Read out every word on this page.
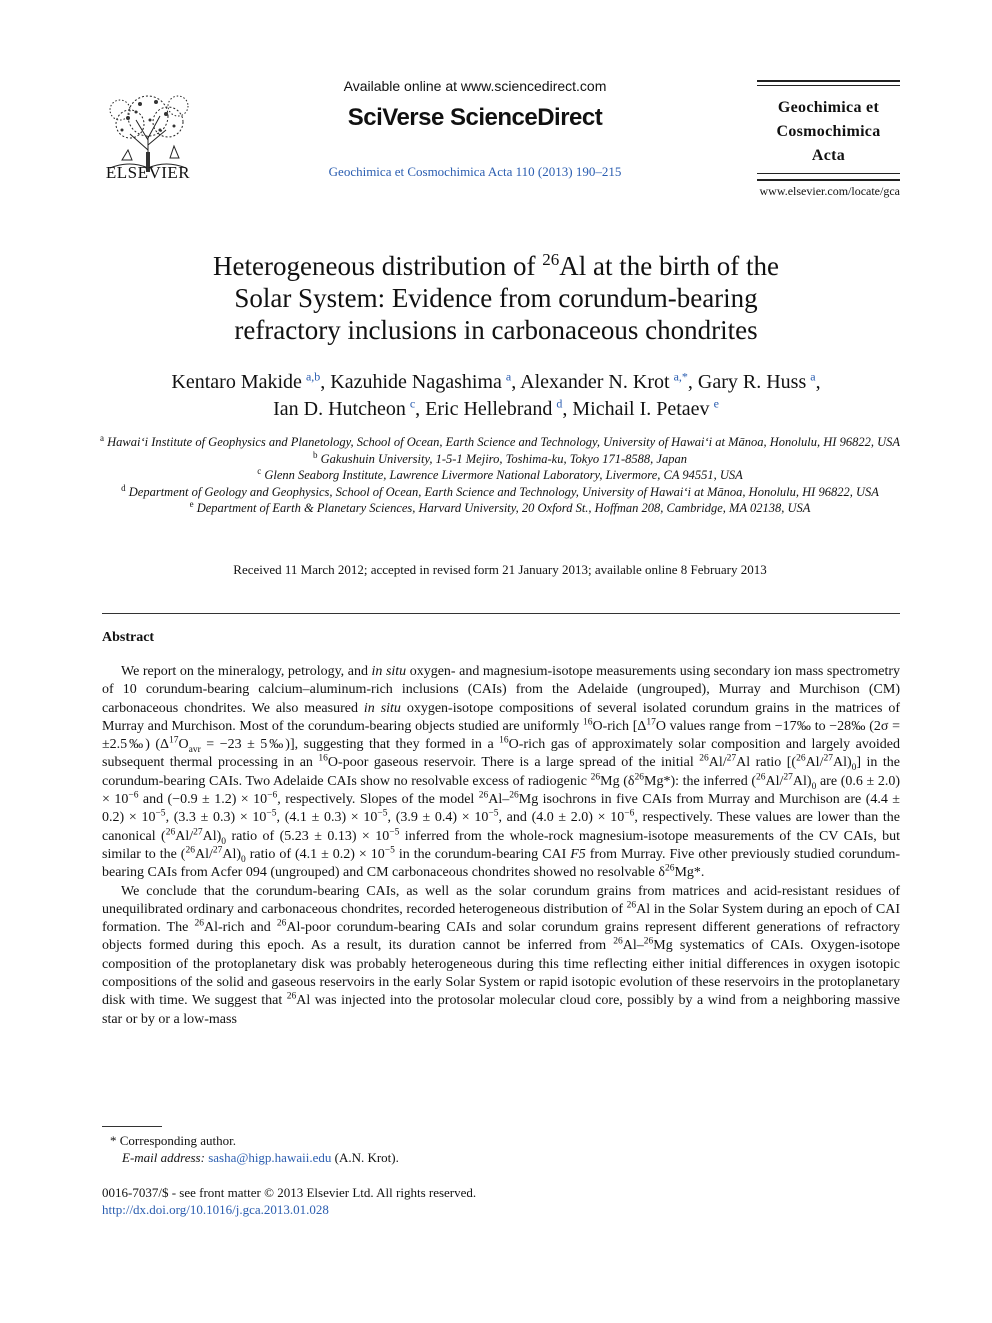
ELSEVIER
Available online at www.sciencedirect.com
SciVerse ScienceDirect
Geochimica et Cosmochimica Acta 110 (2013) 190–215
Geochimica et
Cosmochimica
Acta
www.elsevier.com/locate/gca
Heterogeneous distribution of $^{26}$Al at the birth of the
Solar System: Evidence from corundum-bearing
refractory inclusions in carbonaceous chondrites
Kentaro Makide  $^{a,b}$, Kazuhide Nagashima  $^a$, Alexander N. Krot  $^{a,*}$, Gary R. Huss  $^a$,
Ian D. Hutcheon  $^c$, Eric Hellebrand  $^d$, Michail I. Petaev  $^e$

$^a$ Hawai‘i Institute of Geophysics and Planetology, School of Ocean, Earth Science and Technology, University of Hawai‘i at Mānoa, Honolulu, HI 96822, USA

$^b$ Gakushuin University, 1-5-1 Mejiro, Toshima-ku, Tokyo 171-8588, Japan

$^c$ Glenn Seaborg Institute, Lawrence Livermore National Laboratory, Livermore, CA 94551, USA

$^d$ Department of Geology and Geophysics, School of Ocean, Earth Science and Technology, University of Hawai‘i at Mānoa, Honolulu, HI 96822, USA

$^e$ Department of Earth & Planetary Sciences, Harvard University, 20 Oxford St., Hoffman 208, Cambridge, MA 02138, USA

Received 11 March 2012; accepted in revised form 21 January 2013; available online 8 February 2013
Abstract

We report on the mineralogy, petrology, and in situ oxygen- and magnesium-isotope measurements using secondary ion mass spectrometry of 10 corundum-bearing calcium–aluminum-rich inclusions (CAIs) from the Adelaide (ungrouped), Murray and Murchison (CM) carbonaceous chondrites. We also measured in situ oxygen-isotope compositions of several isolated corundum grains in the matrices of Murray and Murchison. Most of the corundum-bearing objects studied are uniformly $^{16}$O-rich [$\Delta^{17}O$ values range from −17‰ to −28‰ (2σ = ±2.5‰) ($\Delta^{17}O_{avr} = -23$ ± 5‰)], suggesting that they formed in a $^{16}$O-rich gas of approximately solar composition and largely avoided subsequent thermal processing in an $^{16}$O-poor gaseous reservoir. There is a large spread of the initial $^{26}$Al/$^{27}$Al ratio $[(^{26}Al/^{27}Al)_0]$ in the corundum-bearing CAIs. Two Adelaide CAIs show no resolvable excess of radiogenic $^{26}$Mg $(\delta^{26}Mg*)$: the inferred $(^{26}Al/^{27}Al)_0$ are $(0.6 \pm 2.0) \times 10^{-6}$ and $(-0.9 \pm 1.2) \times 10^{-6}$, respectively. Slopes of the model $^{26}$Al–$^{26}$Mg isochrons in five CAIs from Murray and Murchison are $(4.4 \pm 0.2) \times 10^{-5}$, $(3.3 \pm 0.3) \times 10^{-5}$, $(4.1 \pm 0.3) \times 10^{-5}$, $(3.9 \pm 0.4) \times 10^{-5}$, and $(4.0 \pm 2.0) \times 10^{-6}$, respectively. These values are lower than the canonical $(^{26}Al/^{27}Al)_0$ ratio of $(5.23 \pm 0.13) \times 10^{-5}$ inferred from the whole-rock magnesium-isotope measurements of the CV CAIs, but similar to the $(^{26}Al/^{27}Al)_0$ ratio of $(4.1 \pm 0.2) \times 10^{-5}$ in the corundum-bearing CAI F5 from Murray. Five other previously studied corundum-bearing CAIs from Acfer 094 (ungrouped) and CM carbonaceous chondrites showed no resolvable $\delta^{26}Mg*$.

We conclude that the corundum-bearing CAIs, as well as the solar corundum grains from matrices and acid-resistant residues of unequilibrated ordinary and carbonaceous chondrites, recorded heterogeneous distribution of $^{26}$Al in the Solar System during an epoch of CAI formation. The $^{26}$Al-rich and $^{26}$Al-poor corundum-bearing CAIs and solar corundum grains represent different generations of refractory objects formed during this epoch. As a result, its duration cannot be inferred from $^{26}$Al–$^{26}$Mg systematics of CAIs. Oxygen-isotope composition of the protoplanetary disk was probably heterogeneous during this time reflecting either initial differences in oxygen isotopic compositions of the solid and gaseous reservoirs in the early Solar System or rapid isotopic evolution of these reservoirs in the protoplanetary disk with time. We suggest that $^{26}$Al was injected into the protosolar molecular cloud core, possibly by a wind from a neighboring massive star or by or a low-mass

* Corresponding author.
E-mail address: sasha@higp.hawaii.edu (A.N. Krot).
0016-7037/$ - see front matter © 2013 Elsevier Ltd. All rights reserved.
http://dx.doi.org/10.1016/j.gca.2013.01.028
